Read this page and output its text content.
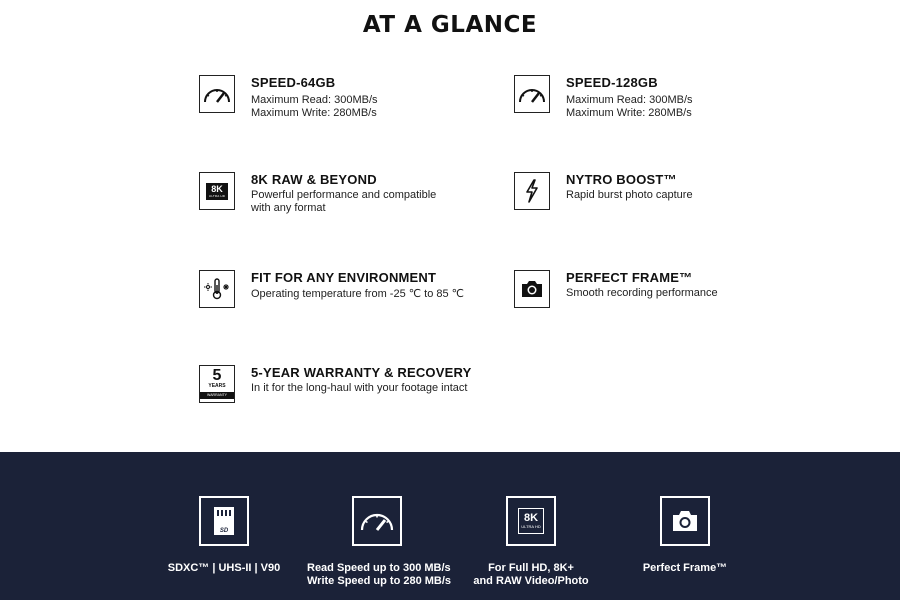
AT A GLANCE
SPEED-64GB
Maximum Read: 300MB/s
Maximum Write: 280MB/s
SPEED-128GB
Maximum Read: 300MB/s
Maximum Write: 280MB/s
8K
ULTRA HD
8K RAW & BEYOND
Powerful performance and compatible
with any format
NYTRO BOOST™
Rapid burst photo capture
FIT FOR ANY ENVIRONMENT
Operating temperature from -25 ℃ to 85 ℃
PERFECT FRAME™
Smooth recording performance
5
YEARS
WARRANTY
5-YEAR WARRANTY & RECOVERY
In it for the long-haul with your footage intact
SD
SDXC™ | UHS-II | V90	Read Speed up to 300 MB/s
Write Speed up to 280 MB/s
8K
ULTRA HD
For Full HD, 8K+
and RAW Video/Photo
Perfect Frame™
